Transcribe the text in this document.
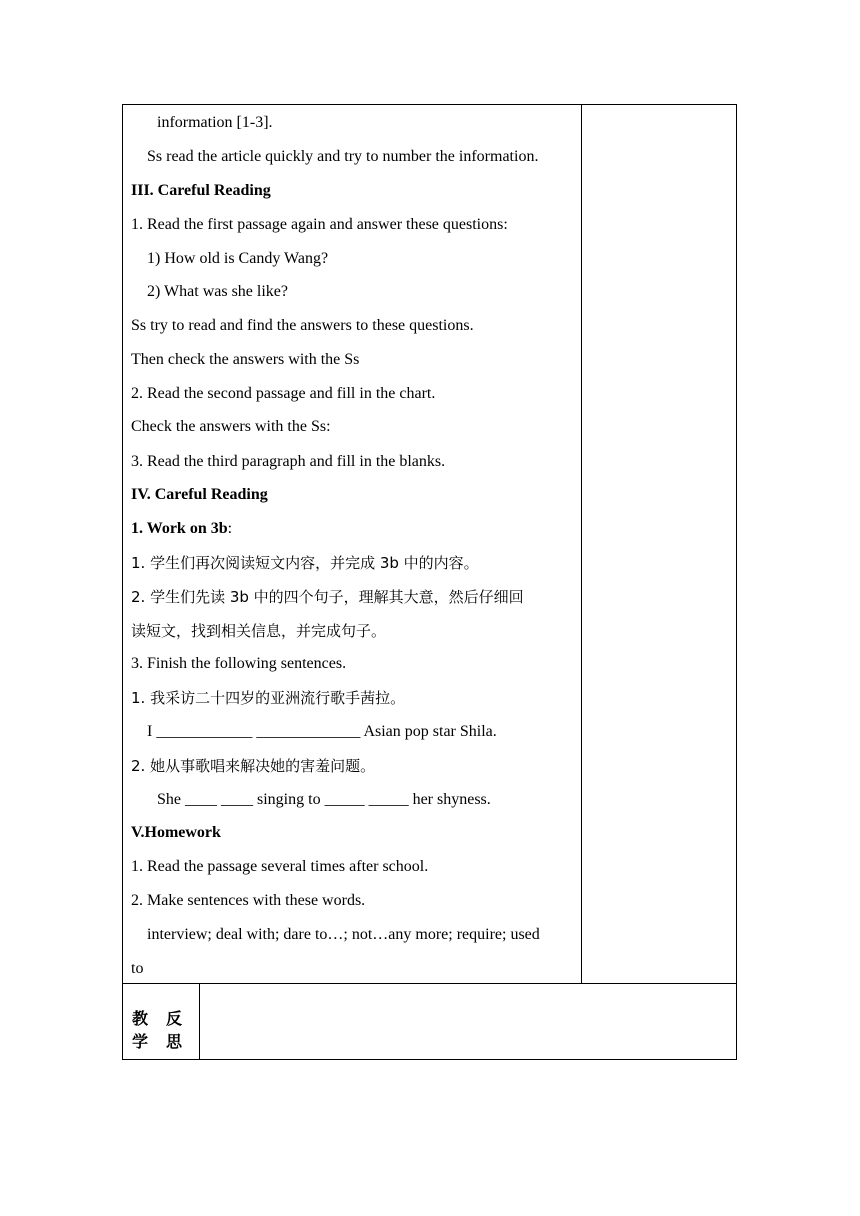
information [1-3].
Ss read the article quickly and try to number the information.
III. Careful Reading
1. Read the first passage again and answer these questions:
1) How old is Candy Wang?
2) What was she like?
Ss try to read and find the answers to these questions.
Then check the answers with the Ss
2. Read the second passage and fill in the chart.
Check the answers with the Ss:
3. Read the third paragraph and fill in the blanks.
IV. Careful Reading
1. Work on 3b:
1. 学生们再次阅读短文内容，并完成 3b 中的内容。
2. 学生们先读 3b 中的四个句子，理解其大意，然后仔细回
读短文，找到相关信息，并完成句子。
3. Finish the following sentences.
1. 我采访二十四岁的亚洲流行歌手茜拉。
I ____________ _____________ Asian pop star Shila.
2. 她从事歌唱来解决她的害羞问题。
She ____ ____ singing to _____ _____ her shyness.
V.Homework
1. Read the passage several times after school.
2. Make sentences with these words.
interview; deal with; dare to…; not…any more; require; used
to
教 反
学 思
